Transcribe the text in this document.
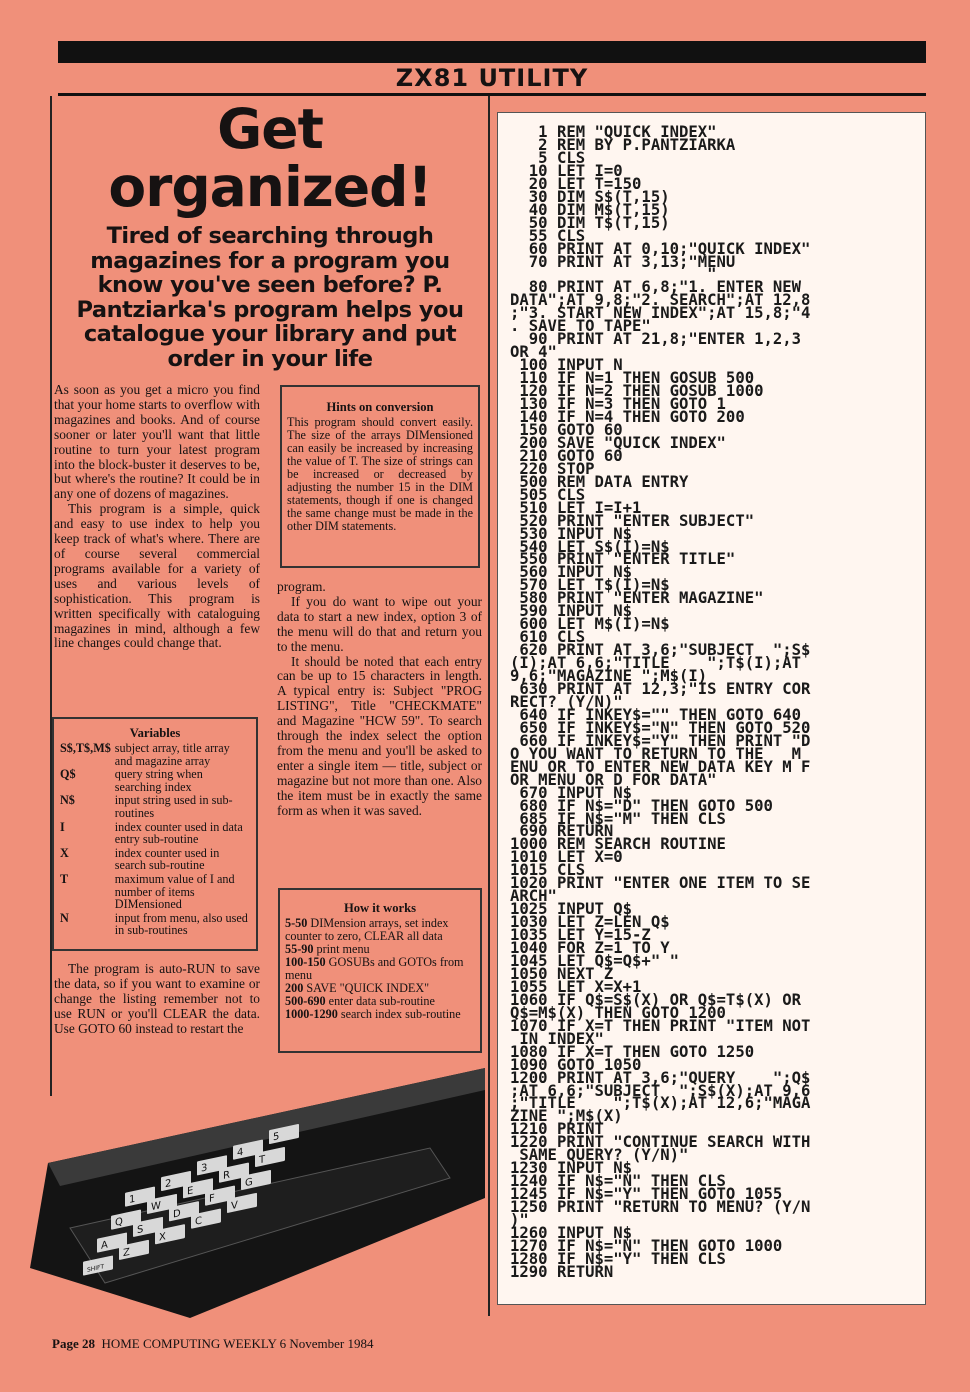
ZX81 UTILITY
Get
organized!
Tired of searching through magazines for a program you know you've seen before? P. Pantziarka's program helps you catalogue your library and put order in your life

As soon as you get a micro you find that your home starts to overflow with magazines and books. And of course sooner or later you'll want that little routine to turn your latest program into the block-buster it deserves to be, but where's the routine? It could be in any one of dozens of magazines.

This program is a simple, quick and easy to use index to help you keep track of what's where. There are of course several commercial programs available for a variety of uses and various levels of sophistication. This program is written specifically with cataloguing magazines in mind, although a few line changes could change that.

Hints on conversion
This program should convert easily. The size of the arrays DIMensioned can easily be increased by increasing the value of T. The size of strings can be increased or decreased by adjusting the number 15 in the DIM statements, though if one is changed the same change must be made in the other DIM statements.
Variables
S$,T$,M$	subject array, title array and magazine array
Q$	query string when searching index
N$	input string used in sub-routines
I	index counter used in data entry sub-routine
X	index counter used in search sub-routine
T	maximum value of I and number of items DIMensioned
N	input from menu, also used in sub-routines

program.

If you do want to wipe out your data to start a new index, option 3 of the menu will do that and return you to the menu.

It should be noted that each entry can be up to 15 characters in length. A typical entry is: Subject "PROG LISTING", Title "CHECKMATE" and Magazine "HCW 59". To search through the index select the option from the menu and you'll be asked to enter a single item — title, subject or magazine but not more than one. Also the item must be in exactly the same form as when it was saved.

How it works
5-50 DIMension arrays, set index counter to zero, CLEAR all data
55-90 print menu
100-150 GOSUBs and GOTOs from menu
200 SAVE "QUICK INDEX"
500-690 enter data sub-routine
1000-1290 search index sub-routine

The program is auto-RUN to save the data, so if you want to examine or change the listing remember not to use RUN or you'll CLEAR the data. Use GOTO 60 instead to restart the

1
2
3
4
5
Q
W
E
R
T
A
S
D
F
G
SHIFT
Z
X
C
V
1 REM "QUICK INDEX"
2 REM BY P.PANTZIARKA
5 CLS
10 LET I=0
20 LET T=150
30 DIM S$(T,15)
40 DIM M$(T,15)
50 DIM T$(T,15)
55 CLS
60 PRINT AT 0,10;"QUICK INDEX"
70 PRINT AT 3,13;"MENU
"
80 PRINT AT 6,8;"1. ENTER NEW
DATA";AT 9,8;"2. SEARCH";AT 12,8
;"3. START NEW INDEX";AT 15,8;"4
. SAVE TO TAPE"
90 PRINT AT 21,8;"ENTER 1,2,3
OR 4"
100 INPUT N
110 IF N=1 THEN GOSUB 500
120 IF N=2 THEN GOSUB 1000
130 IF N=3 THEN GOTO 1
140 IF N=4 THEN GOTO 200
150 GOTO 60
200 SAVE "QUICK INDEX"
210 GOTO 60
220 STOP
500 REM DATA ENTRY
505 CLS
510 LET I=I+1
520 PRINT "ENTER SUBJECT"
530 INPUT N$
540 LET S$(I)=N$
550 PRINT "ENTER TITLE"
560 INPUT N$
570 LET T$(I)=N$
580 PRINT "ENTER MAGAZINE"
590 INPUT N$
600 LET M$(I)=N$
610 CLS
620 PRINT AT 3,6;"SUBJECT  ";S$
(I);AT 6,6;"TITLE    ";T$(I);AT
9,6;"MAGAZINE ";M$(I)
630 PRINT AT 12,3;"IS ENTRY COR
RECT? (Y/N)"
640 IF INKEY$="" THEN GOTO 640
650 IF INKEY$="N" THEN GOTO 520
660 IF INKEY$="Y" THEN PRINT "D
O YOU WANT TO RETURN TO THE   M
ENU OR TO ENTER NEW DATA KEY M F
OR MENU OR D FOR DATA"
670 INPUT N$
680 IF N$="D" THEN GOTO 500
685 IF N$="M" THEN CLS
690 RETURN
1000 REM SEARCH ROUTINE
1010 LET X=0
1015 CLS
1020 PRINT "ENTER ONE ITEM TO SE
ARCH"
1025 INPUT Q$
1030 LET Z=LEN Q$
1035 LET Y=15-Z
1040 FOR Z=1 TO Y
1045 LET Q$=Q$+" "
1050 NEXT Z
1055 LET X=X+1
1060 IF Q$=S$(X) OR Q$=T$(X) OR
Q$=M$(X) THEN GOTO 1200
1070 IF X=T THEN PRINT "ITEM NOT
IN INDEX"
1080 IF X=T THEN GOTO 1250
1090 GOTO 1050
1200 PRINT AT 3,6;"QUERY    ";Q$
;AT 6,6;"SUBJECT  ";S$(X);AT 9,6
;"TITLE    ";T$(X);AT 12,6;"MAGA
ZINE ";M$(X)
1210 PRINT
1220 PRINT "CONTINUE SEARCH WITH
SAME QUERY? (Y/N)"
1230 INPUT N$
1240 IF N$="N" THEN CLS
1245 IF N$="Y" THEN GOTO 1055
1250 PRINT "RETURN TO MENU? (Y/N
)"
1260 INPUT N$
1270 IF N$="N" THEN GOTO 1000
1280 IF N$="Y" THEN CLS
1290 RETURN
Page 28 HOME COMPUTING WEEKLY 6 November 1984
